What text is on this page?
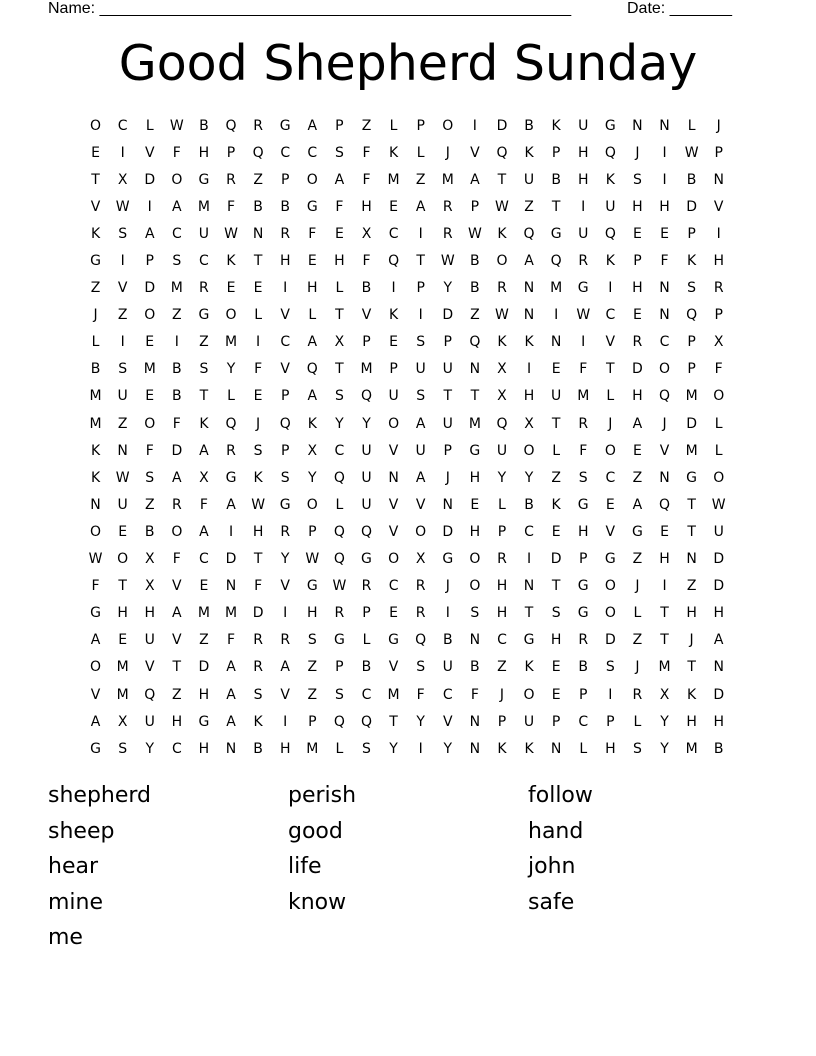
Name: _____________________________________________________	Date: _______
Good Shepherd Sunday
O	C	L	W	B	Q	R	G	A	P	Z	L	P	O	I	D	B	K	U	G	N	N	L	J
E	I	V	F	H	P	Q	C	C	S	F	K	L	J	V	Q	K	P	H	Q	J	I	W	P
T	X	D	O	G	R	Z	P	O	A	F	M	Z	M	A	T	U	B	H	K	S	I	B	N
V	W	I	A	M	F	B	B	G	F	H	E	A	R	P	W	Z	T	I	U	H	H	D	V
K	S	A	C	U	W	N	R	F	E	X	C	I	R	W	K	Q	G	U	Q	E	E	P	I
G	I	P	S	C	K	T	H	E	H	F	Q	T	W	B	O	A	Q	R	K	P	F	K	H
Z	V	D	M	R	E	E	I	H	L	B	I	P	Y	B	R	N	M	G	I	H	N	S	R
J	Z	O	Z	G	O	L	V	L	T	V	K	I	D	Z	W	N	I	W	C	E	N	Q	P
L	I	E	I	Z	M	I	C	A	X	P	E	S	P	Q	K	K	N	I	V	R	C	P	X
B	S	M	B	S	Y	F	V	Q	T	M	P	U	U	N	X	I	E	F	T	D	O	P	F
M	U	E	B	T	L	E	P	A	S	Q	U	S	T	T	X	H	U	M	L	H	Q	M	O
M	Z	O	F	K	Q	J	Q	K	Y	Y	O	A	U	M	Q	X	T	R	J	A	J	D	L
K	N	F	D	A	R	S	P	X	C	U	V	U	P	G	U	O	L	F	O	E	V	M	L
K	W	S	A	X	G	K	S	Y	Q	U	N	A	J	H	Y	Y	Z	S	C	Z	N	G	O
N	U	Z	R	F	A	W	G	O	L	U	V	V	N	E	L	B	K	G	E	A	Q	T	W
O	E	B	O	A	I	H	R	P	Q	Q	V	O	D	H	P	C	E	H	V	G	E	T	U
W	O	X	F	C	D	T	Y	W	Q	G	O	X	G	O	R	I	D	P	G	Z	H	N	D
F	T	X	V	E	N	F	V	G	W	R	C	R	J	O	H	N	T	G	O	J	I	Z	D
G	H	H	A	M	M	D	I	H	R	P	E	R	I	S	H	T	S	G	O	L	T	H	H
A	E	U	V	Z	F	R	R	S	G	L	G	Q	B	N	C	G	H	R	D	Z	T	J	A
O	M	V	T	D	A	R	A	Z	P	B	V	S	U	B	Z	K	E	B	S	J	M	T	N
V	M	Q	Z	H	A	S	V	Z	S	C	M	F	C	F	J	O	E	P	I	R	X	K	D
A	X	U	H	G	A	K	I	P	Q	Q	T	Y	V	N	P	U	P	C	P	L	Y	H	H
G	S	Y	C	H	N	B	H	M	L	S	Y	I	Y	N	K	K	N	L	H	S	Y	M	B
shepherd	perish	follow
sheep	good	hand
hear	life	john
mine	know	safe
me
